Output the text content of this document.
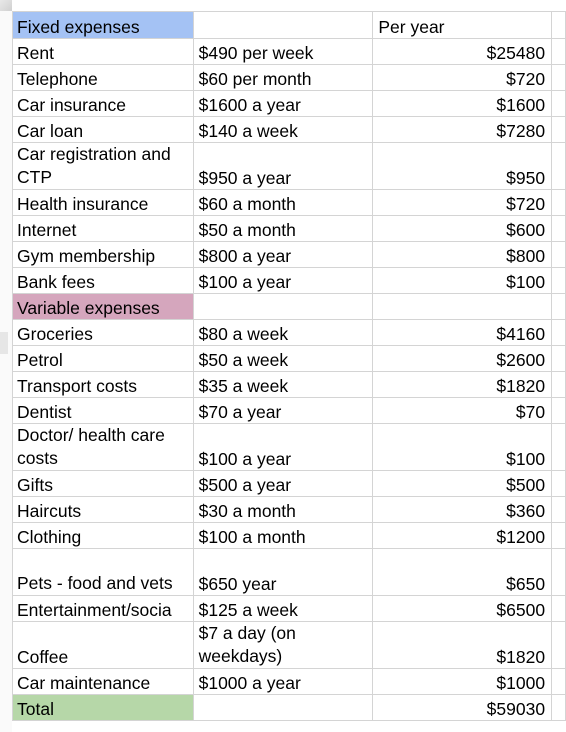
Fixed expenses		Per year	
Rent	$490 per week	$25480	
Telephone	$60 per month	$720	
Car insurance	$1600 a year	$1600	
Car loan	$140 a week	$7280	

Car registration and CTP	$950 a year	$950	
Health insurance	$60 a month	$720	
Internet	$50 a month	$600	
Gym membership	$800 a year	$800	
Bank fees	$100 a year	$100	
Variable expenses			
Groceries	$80 a week	$4160	
Petrol	$50 a week	$2600	
Transport costs	$35 a week	$1820	
Dentist	$70 a year	$70	

Doctor/ health care costs	$100 a year	$100	
Gifts	$500 a year	$500	
Haircuts	$30 a month	$360	
Clothing	$100 a month	$1200	

Pets - food and vets	$650 year	$650	
Entertainment/socia	$125 a week	$6500	
Coffee	$7 a day (on weekdays)	$1820	
Car maintenance	$1000 a year	$1000	
Total		$59030	
